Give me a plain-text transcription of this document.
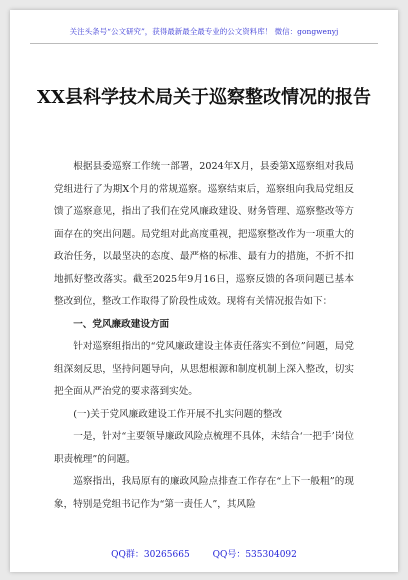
关注头条号“公文研究”，获得最新最全最专业的公文资料库！ 微信：gongwenyj
XX县科学技术局关于巡察整改情况的报告

根据县委巡察工作统一部署，2024年X月，县委第X巡察组对我局党组进行了为期X个月的常规巡察。巡察结束后，巡察组向我局党组反馈了巡察意见，指出了我们在党风廉政建设、财务管理、巡察整改等方面存在的突出问题。局党组对此高度重视，把巡察整改作为一项重大的政治任务，以最坚决的态度、最严格的标准、最有力的措施，不折不扣地抓好整改落实。截至2025年9月16日，巡察反馈的各项问题已基本整改到位，整改工作取得了阶段性成效。现将有关情况报告如下：

一、党风廉政建设方面

针对巡察组指出的“党风廉政建设主体责任落实不到位”问题，局党组深刻反思，坚持问题导向，从思想根源和制度机制上深入整改，切实把全面从严治党的要求落到实处。

(一)关于党风廉政建设工作开展不扎实问题的整改

一是，针对“主要领导廉政风险点梳理不具体，未结合‘一把手’岗位职责梳理”的问题。

巡察指出，我局原有的廉政风险点排查工作存在“上下一般粗”的现象，特别是党组书记作为“第一责任人”，其风险

QQ群：30265665	QQ号：535304092
